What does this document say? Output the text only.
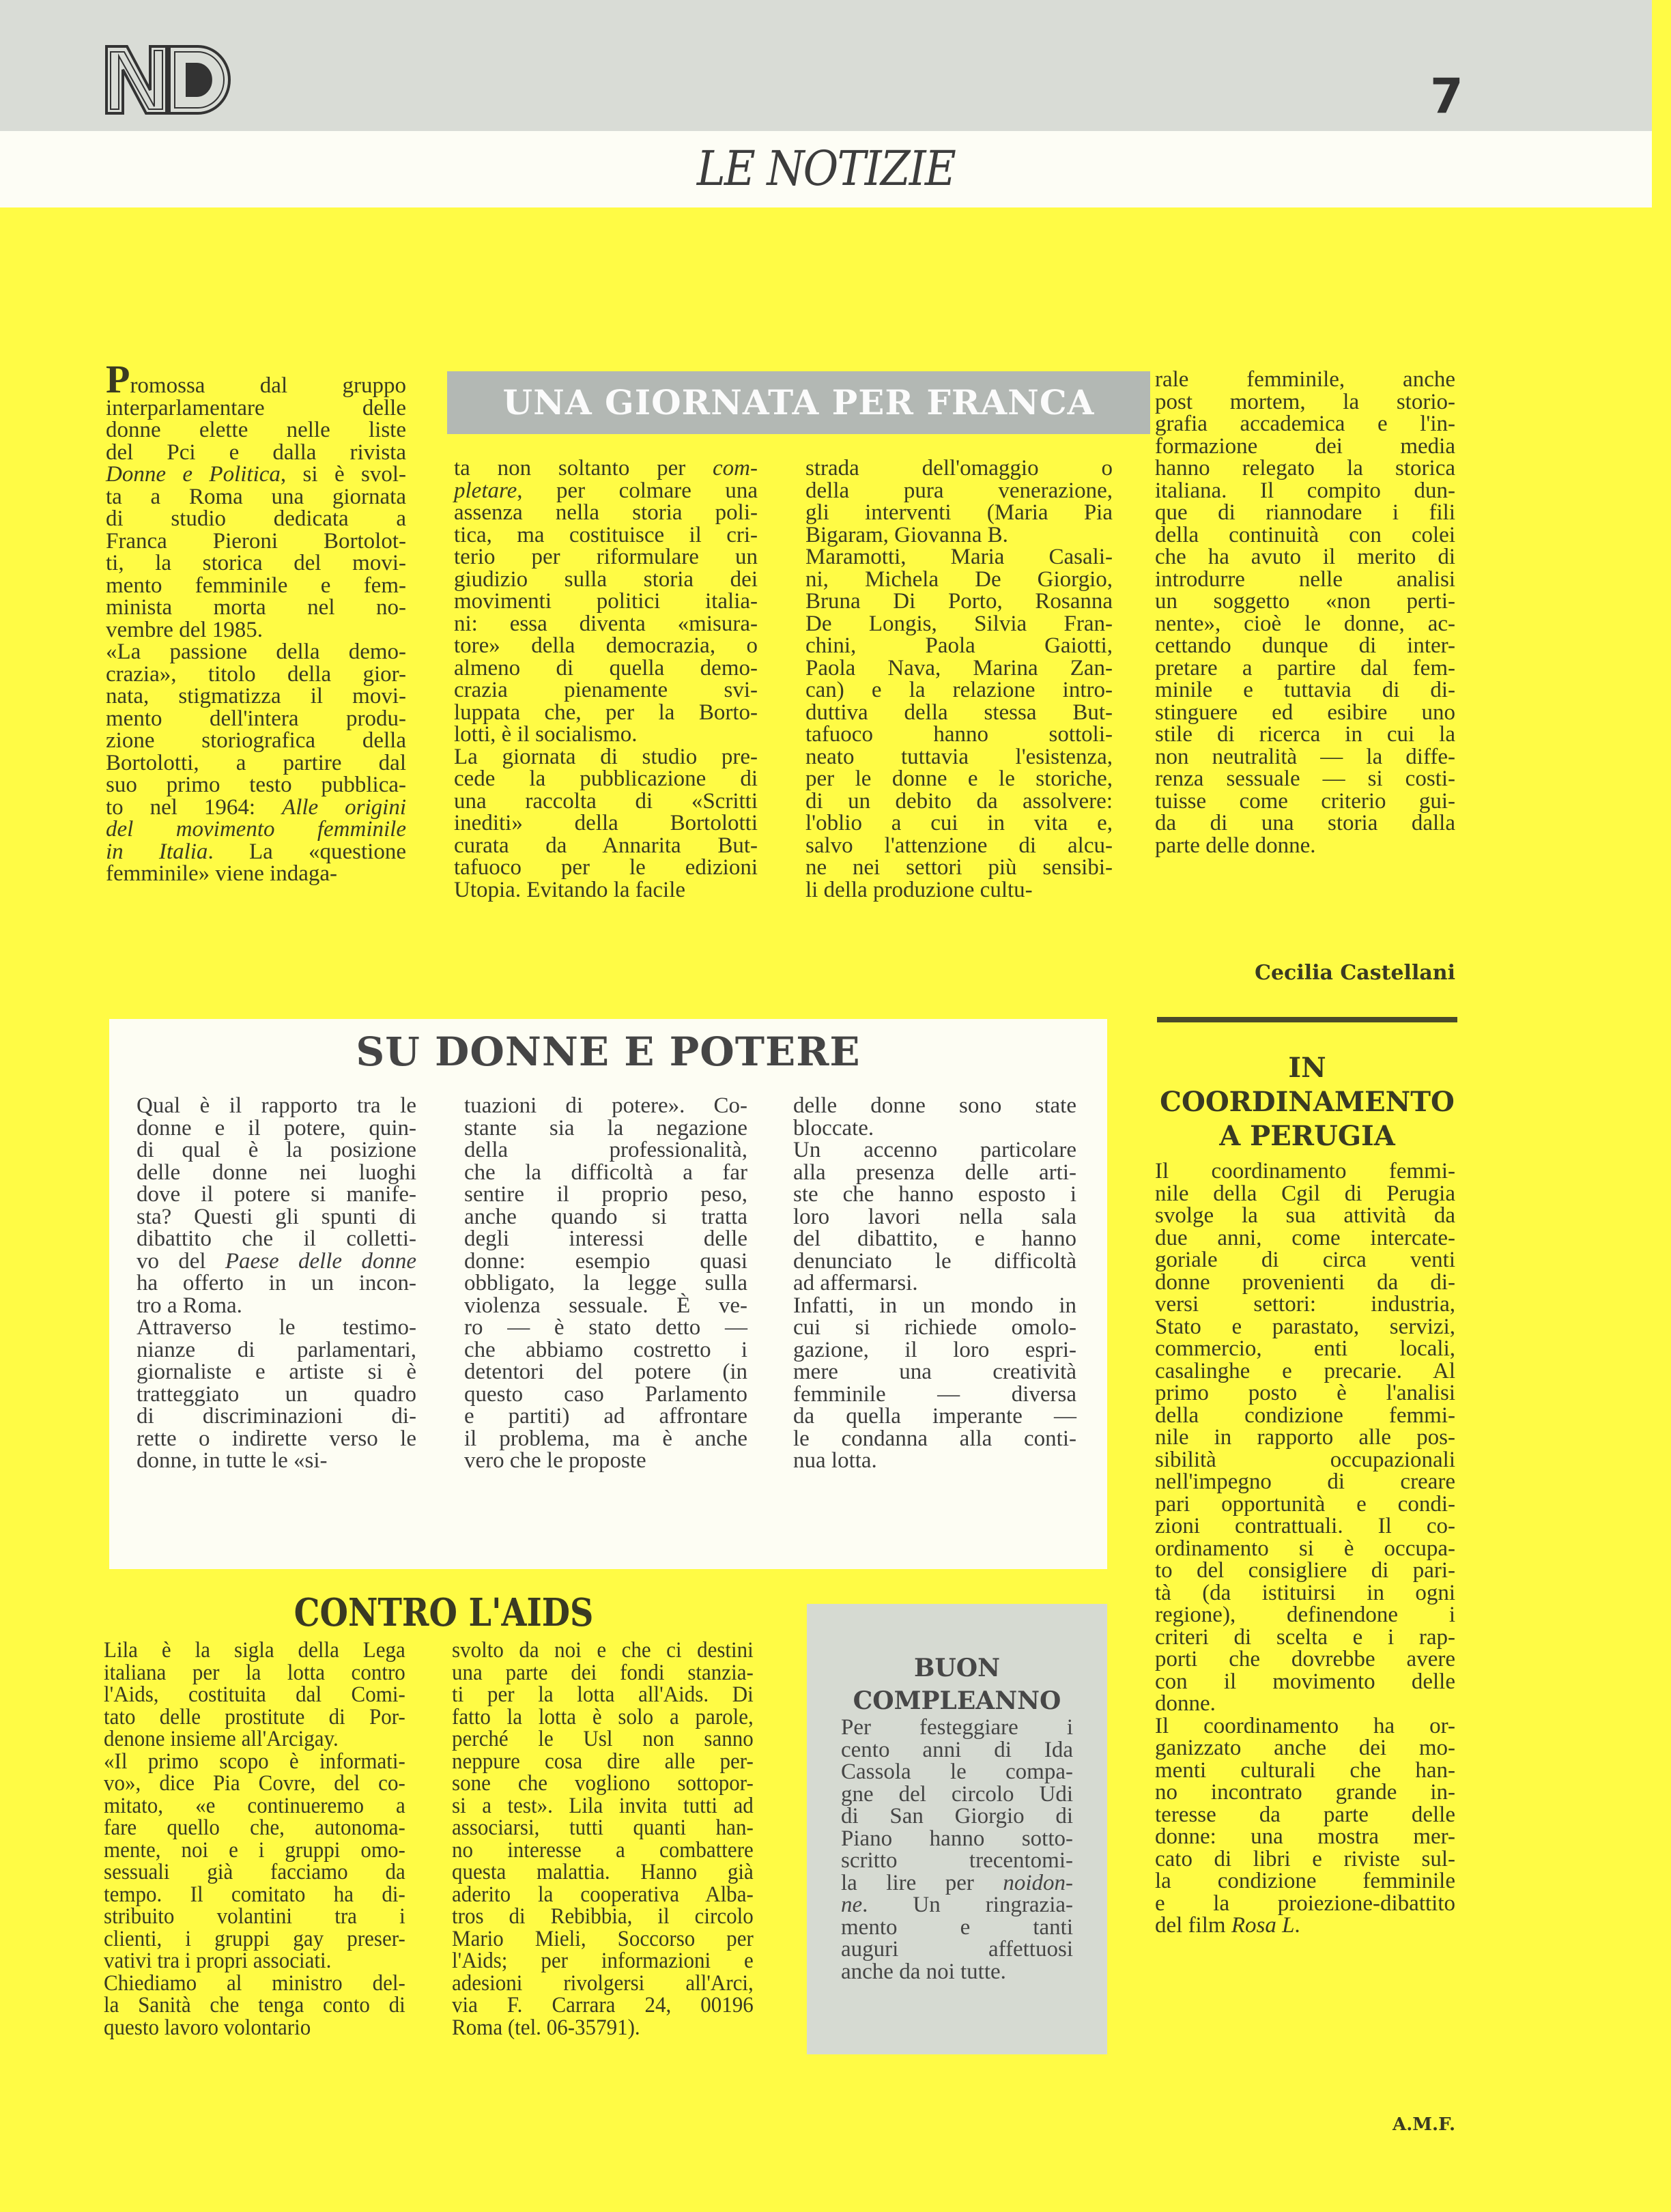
7
LE NOTIZIE
UNA GIORNATA PER FRANCA
Promossa dal gruppo
interparlamentare delle
donne elette nelle liste
del Pci e dalla rivista
Donne e Politica, si è svol-
ta a Roma una giornata
di studio dedicata a
Franca Pieroni Bortolot-
ti, la storica del movi-
mento femminile e fem-
minista morta nel no-
vembre del 1985.
«La passione della demo-
crazia», titolo della gior-
nata, stigmatizza il movi-
mento dell'intera produ-
zione storiografica della
Bortolotti, a partire dal
suo primo testo pubblica-
to nel 1964: Alle origini
del movimento femminile
in Italia. La «questione
femminile» viene indaga-
ta non soltanto per com-
pletare, per colmare una
assenza nella storia poli-
tica, ma costituisce il cri-
terio per riformulare un
giudizio sulla storia dei
movimenti politici italia-
ni: essa diventa «misura-
tore» della democrazia, o
almeno di quella demo-
crazia pienamente svi-
luppata che, per la Borto-
lotti, è il socialismo.
La giornata di studio pre-
cede la pubblicazione di
una raccolta di «Scritti
inediti» della Bortolotti
curata da Annarita But-
tafuoco per le edizioni
Utopia. Evitando la facile
strada dell'omaggio o
della pura venerazione,
gli interventi (Maria Pia
Bigaram, Giovanna B.
Maramotti, Maria Casali-
ni, Michela De Giorgio,
Bruna Di Porto, Rosanna
De Longis, Silvia Fran-
chini, Paola Gaiotti,
Paola Nava, Marina Zan-
can) e la relazione intro-
duttiva della stessa But-
tafuoco hanno sottoli-
neato tuttavia l'esistenza,
per le donne e le storiche,
di un debito da assolvere:
l'oblio a cui in vita e,
salvo l'attenzione di alcu-
ne nei settori più sensibi-
li della produzione cultu-
rale femminile, anche
post mortem, la storio-
grafia accademica e l'in-
formazione dei media
hanno relegato la storica
italiana. Il compito dun-
que di riannodare i fili
della continuità con colei
che ha avuto il merito di
introdurre nelle analisi
un soggetto «non perti-
nente», cioè le donne, ac-
cettando dunque di inter-
pretare a partire dal fem-
minile e tuttavia di di-
stinguere ed esibire uno
stile di ricerca in cui la
non neutralità — la diffe-
renza sessuale — si costi-
tuisse come criterio gui-
da di una storia dalla
parte delle donne.
Cecilia Castellani
SU DONNE E POTERE
Qual è il rapporto tra le
donne e il potere, quin-
di qual è la posizione
delle donne nei luoghi
dove il potere si manife-
sta? Questi gli spunti di
dibattito che il colletti-
vo del Paese delle donne
ha offerto in un incon-
tro a Roma.
Attraverso le testimo-
nianze di parlamentari,
giornaliste e artiste si è
tratteggiato un quadro
di discriminazioni di-
rette o indirette verso le
donne, in tutte le «si-
tuazioni di potere». Co-
stante sia la negazione
della professionalità,
che la difficoltà a far
sentire il proprio peso,
anche quando si tratta
degli interessi delle
donne: esempio quasi
obbligato, la legge sulla
violenza sessuale. È ve-
ro — è stato detto —
che abbiamo costretto i
detentori del potere (in
questo caso Parlamento
e partiti) ad affrontare
il problema, ma è anche
vero che le proposte
delle donne sono state
bloccate.
Un accenno particolare
alla presenza delle arti-
ste che hanno esposto i
loro lavori nella sala
del dibattito, e hanno
denunciato le difficoltà
ad affermarsi.
Infatti, in un mondo in
cui si richiede omolo-
gazione, il loro espri-
mere una creatività
femminile — diversa
da quella imperante —
le condanna alla conti-
nua lotta.
IN
COORDINAMENTO
A PERUGIA
Il coordinamento femmi-
nile della Cgil di Perugia
svolge la sua attività da
due anni, come intercate-
goriale di circa venti
donne provenienti da di-
versi settori: industria,
Stato e parastato, servizi,
commercio, enti locali,
casalinghe e precarie. Al
primo posto è l'analisi
della condizione femmi-
nile in rapporto alle pos-
sibilità occupazionali
nell'impegno di creare
pari opportunità e condi-
zioni contrattuali. Il co-
ordinamento si è occupa-
to del consigliere di pari-
tà (da istituirsi in ogni
regione), definendone i
criteri di scelta e i rap-
porti che dovrebbe avere
con il movimento delle
donne.
Il coordinamento ha or-
ganizzato anche dei mo-
menti culturali che han-
no incontrato grande in-
teresse da parte delle
donne: una mostra mer-
cato di libri e riviste sul-
la condizione femminile
e la proiezione-dibattito
del film Rosa L.
A.M.F.
CONTRO L'AIDS
Lila è la sigla della Lega
italiana per la lotta contro
l'Aids, costituita dal Comi-
tato delle prostitute di Por-
denone insieme all'Arcigay.
«Il primo scopo è informati-
vo», dice Pia Covre, del co-
mitato, «e continueremo a
fare quello che, autonoma-
mente, noi e i gruppi omo-
sessuali già facciamo da
tempo. Il comitato ha di-
stribuito volantini tra i
clienti, i gruppi gay preser-
vativi tra i propri associati.
Chiediamo al ministro del-
la Sanità che tenga conto di
questo lavoro volontario
svolto da noi e che ci destini
una parte dei fondi stanzia-
ti per la lotta all'Aids. Di
fatto la lotta è solo a parole,
perché le Usl non sanno
neppure cosa dire alle per-
sone che vogliono sottopor-
si a test». Lila invita tutti ad
associarsi, tutti quanti han-
no interesse a combattere
questa malattia. Hanno già
aderito la cooperativa Alba-
tros di Rebibbia, il circolo
Mario Mieli, Soccorso per
l'Aids; per informazioni e
adesioni rivolgersi all'Arci,
via F. Carrara 24, 00196
Roma (tel. 06-35791).
BUON
COMPLEANNO
Per festeggiare i
cento anni di Ida
Cassola le compa-
gne del circolo Udi
di San Giorgio di
Piano hanno sotto-
scritto trecentomi-
la lire per noidon-
ne. Un ringrazia-
mento e tanti
auguri affettuosi
anche da noi tutte.
